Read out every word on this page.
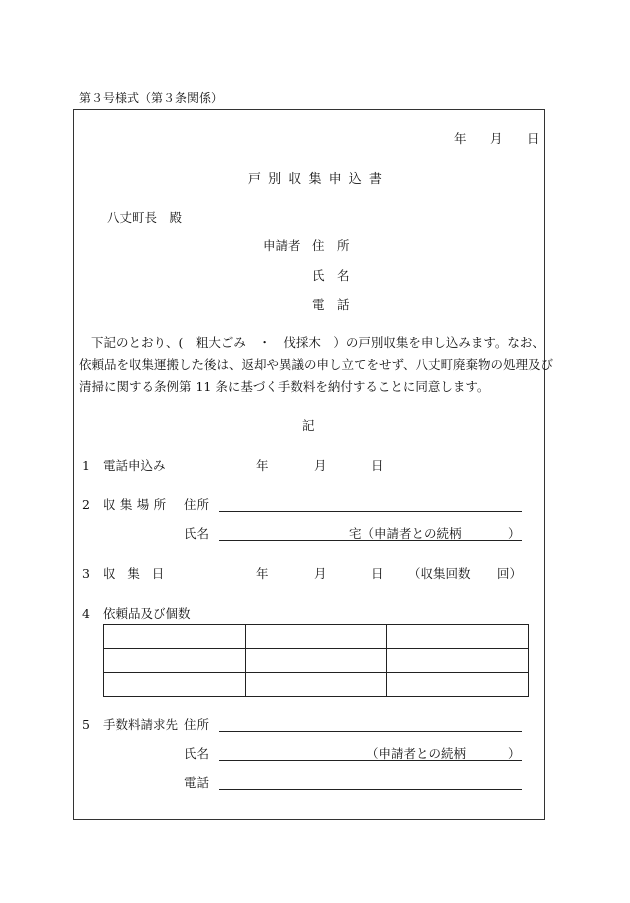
第３号様式（第３条関係）
年 月 日
戸別収集申込書
八丈町長　殿
申請者 住　所
氏　名
電　話
下記のとおり、(　粗大ごみ　・　伐採木　）の戸別収集を申し込みます。なお、
依頼品を収集運搬した後は、返却や異議の申し立てをせず、八丈町廃棄物の処理及び
清掃に関する条例第 11 条に基づく手数料を納付することに同意します。
記
1 電話申込み	年	月	日
2 収集場所 住所
氏名	宅（申請者との続柄	）
3 収集日	年	月	日 （収集回数 回）
4 依頼品及び個数

5 手数料請求先 住所
氏名	（申請者との続柄	）
電話
